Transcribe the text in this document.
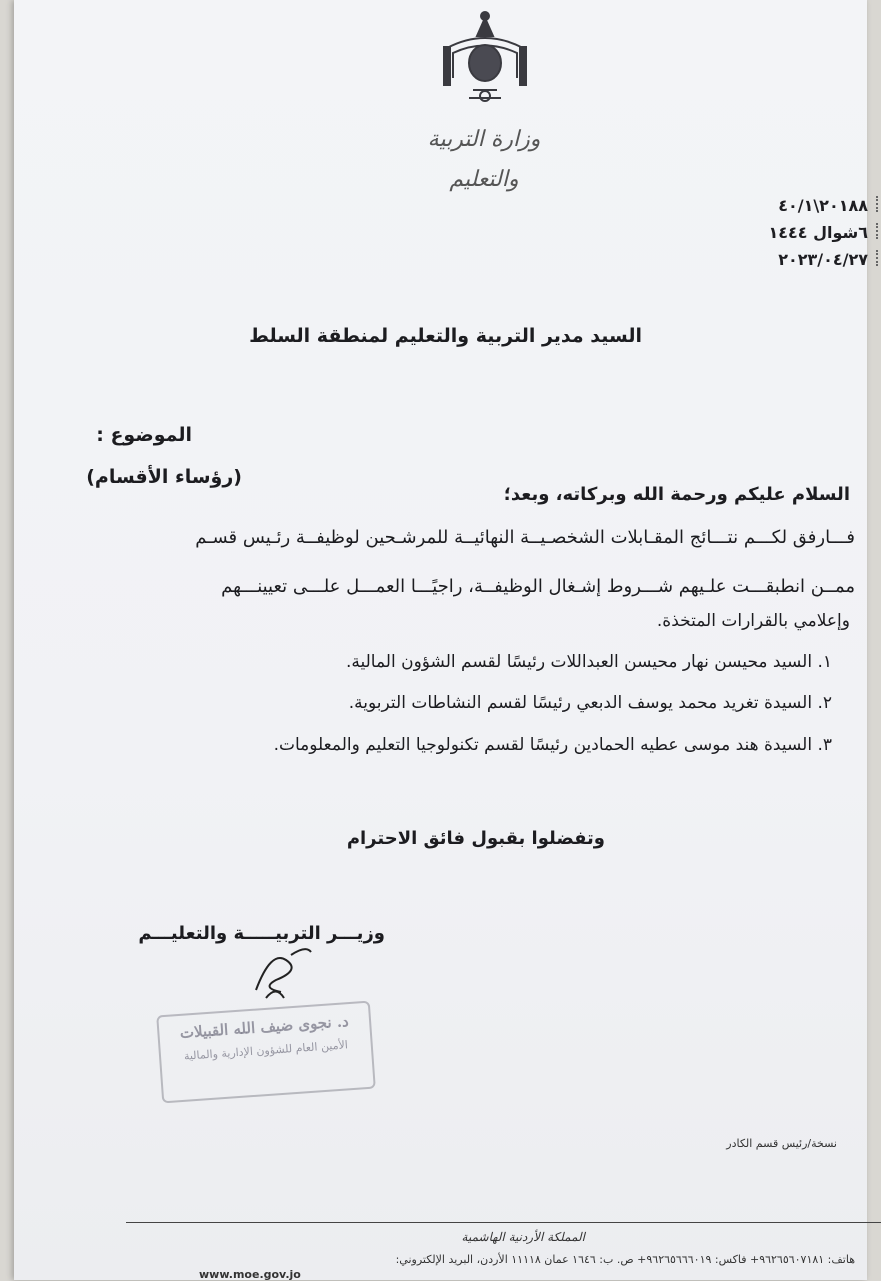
وزارة التربية والتعليم
٢٠١٨٨\٤٠/١
٦شوال ١٤٤٤
٢٠٢٣/٠٤/٢٧
السيد مدير التربية والتعليم لمنطقة السلط
الموضوع :
(رؤساء الأقسام)
السلام عليكم ورحمة الله وبركاته، وبعد؛
فـــارفق لكـــم نتـــائج المقـابلات الشخصـيــة النهائيــة للمرشـحين لوظيفــة رئـيس قسـم
ممــن انطبقـــت علـيهم شـــروط إشـغال الوظيفــة، راجيًـــا العمـــل علـــى تعيينـــهم
وإعلامي بالقرارات المتخذة.
١. السيد محيسن نهار محيسن العبداللات رئيسًا لقسم الشؤون المالية.
٢. السيدة تغريد محمد يوسف الدبعي رئيسًا لقسم النشاطات التربوية.
٣. السيدة هند موسى عطيه الحمادين رئيسًا لقسم تكنولوجيا التعليم والمعلومات.
وتفضلوا بقبول فائق الاحترام
وزيـــر التربيـــــة والتعليـــم
د. نجوى ضيف الله القبيلات
الأمين العام للشؤون الإدارية والمالية
نسخة/رئيس قسم الكادر
المملكة الأردنية الهاشمية
هاتف: ٩٦٢٦٥٦٠٧١٨١+ فاكس: ٩٦٢٦٥٦٦٦٠١٩+ ص. ب: ١٦٤٦ عمان ١١١١٨ الأردن، البريد الإلكتروني:
www.moe.gov.jo
